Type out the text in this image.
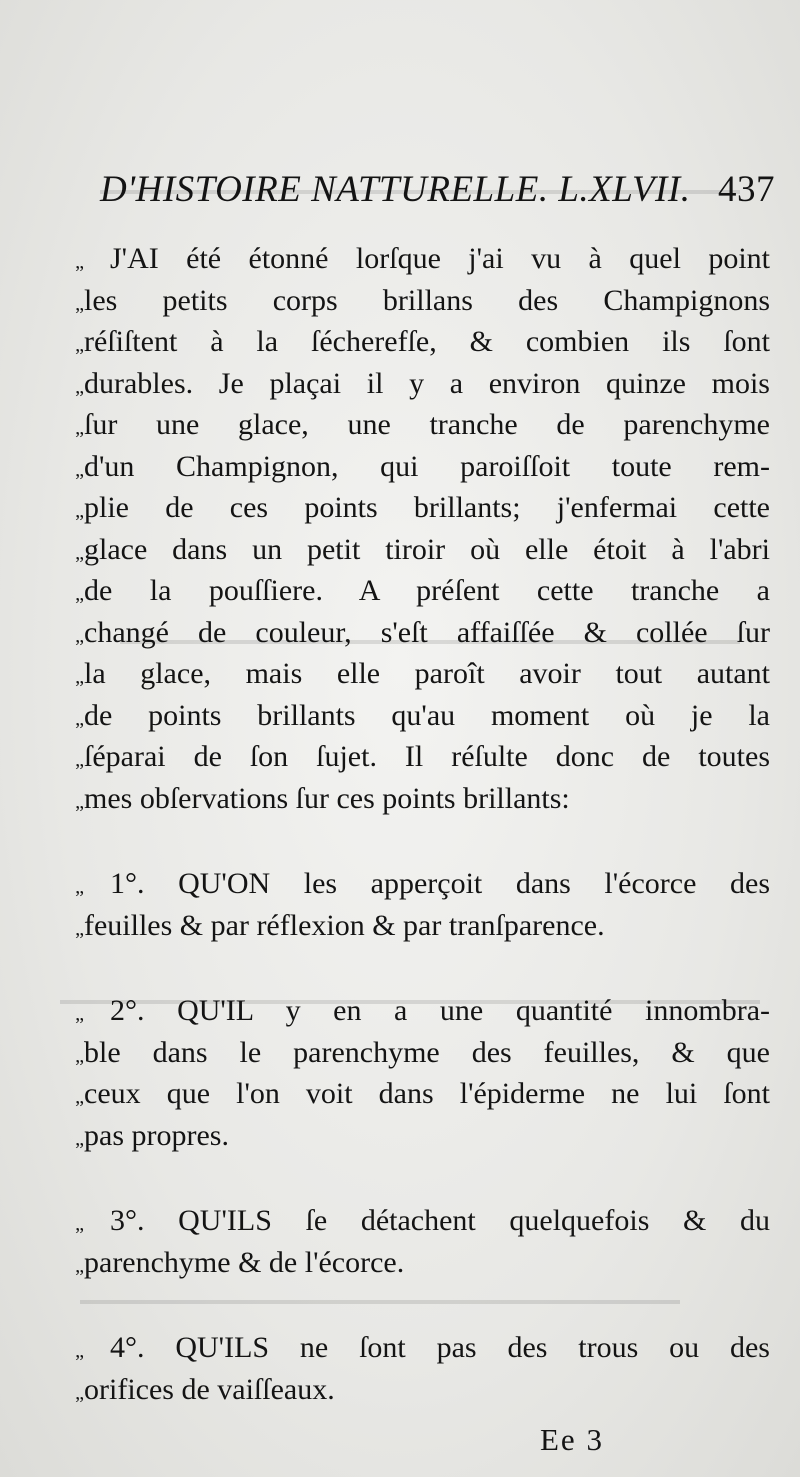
D'HISTOIRE NATTURELLE. L.XLVII. 437
„ J'AI été étonné lorſque j'ai vu à quel point
„ les petits corps brillans des Champignons
„ réſiſtent à la ſécherefſe, & combien ils ſont
„ durables. Je plaçai il y a environ quinze mois
„ ſur une glace, une tranche de parenchyme
„ d'un Champignon, qui paroiſſoit toute rem-
„ plie de ces points brillants; j'enfermai cette
„ glace dans un petit tiroir où elle étoit à l'abri
„ de la pouſſiere. A préſent cette tranche a
„ changé de couleur, s'eſt affaiſſée & collée ſur
„ la glace, mais elle paroît avoir tout autant
„ de points brillants qu'au moment où je la
„ ſéparai de ſon ſujet. Il réſulte donc de toutes
„ mes obſervations ſur ces points brillants:
„ 1°. QU'ON les apperçoit dans l'écorce des
„ feuilles & par réflexion & par tranſparence.
„ 2°. QU'IL y en a une quantité innombra-
„ ble dans le parenchyme des feuilles, & que
„ ceux que l'on voit dans l'épiderme ne lui ſont
„ pas propres.
„ 3°. QU'ILS ſe détachent quelquefois & du
„ parenchyme & de l'écorce.
„ 4°. QU'ILS ne ſont pas des trous ou des
„ orifices de vaiſſeaux.
Ee 3
